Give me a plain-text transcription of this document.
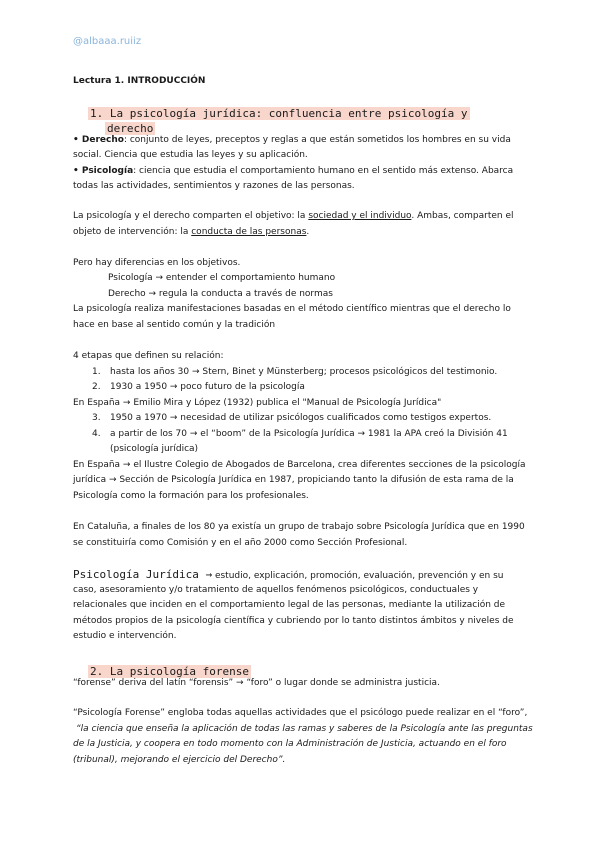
@albaaa.ruiiz
Lectura 1. INTRODUCCIÓN
1. La psicología jurídica: confluencia entre psicología y
derecho
• Derecho: conjunto de leyes, preceptos y reglas a que están sometidos los hombres en su vida
social. Ciencia que estudia las leyes y su aplicación.
• Psicología: ciencia que estudia el comportamiento humano en el sentido más extenso. Abarca
todas las actividades, sentimientos y razones de las personas.
La psicología y el derecho comparten el objetivo: la sociedad y el individuo. Ambas, comparten el
objeto de intervención: la conducta de las personas.
Pero hay diferencias en los objetivos.
Psicología → entender el comportamiento humano
Derecho → regula la conducta a través de normas
La psicología realiza manifestaciones basadas en el método científico mientras que el derecho lo
hace en base al sentido común y la tradición
4 etapas que definen su relación:
1. hasta los años 30 → Stern, Binet y Münsterberg; procesos psicológicos del testimonio.
2. 1930 a 1950 → poco futuro de la psicología
En España → Emilio Mira y López (1932) publica el "Manual de Psicología Jurídica"
3. 1950 a 1970 → necesidad de utilizar psicólogos cualificados como testigos expertos.
4. a partir de los 70 → el “boom” de la Psicología Jurídica → 1981 la APA creó la División 41
(psicología jurídica)
En España → el Ilustre Colegio de Abogados de Barcelona, crea diferentes secciones de la psicología
jurídica → Sección de Psicología Jurídica en 1987, propiciando tanto la difusión de esta rama de la
Psicología como la formación para los profesionales.
En Cataluña, a finales de los 80 ya existía un grupo de trabajo sobre Psicología Jurídica que en 1990
se constituiría como Comisión y en el año 2000 como Sección Profesional.
Psicología Jurídica → estudio, explicación, promoción, evaluación, prevención y en su
caso, asesoramiento y/o tratamiento de aquellos fenómenos psicológicos, conductuales y
relacionales que inciden en el comportamiento legal de las personas, mediante la utilización de
métodos propios de la psicología científica y cubriendo por lo tanto distintos ámbitos y niveles de
estudio e intervención.
2. La psicología forense
“forense” deriva del latín “forensis” → “foro” o lugar donde se administra justicia.
“Psicología Forense” engloba todas aquellas actividades que el psicólogo puede realizar en el “foro”,
“la ciencia que enseña la aplicación de todas las ramas y saberes de la Psicología ante las preguntas
de la Justicia, y coopera en todo momento con la Administración de Justicia, actuando en el foro
(tribunal), mejorando el ejercicio del Derecho”.
